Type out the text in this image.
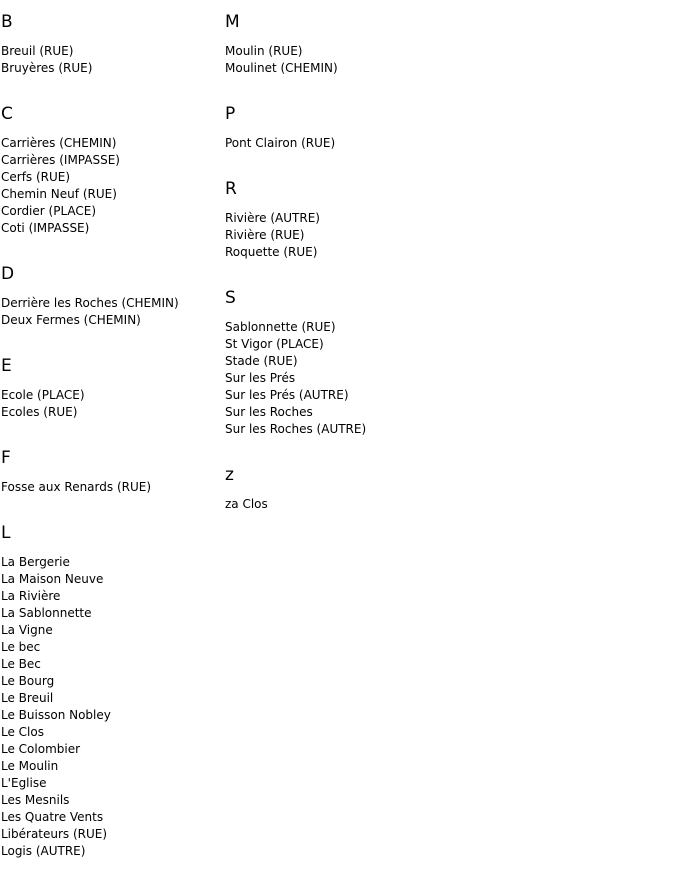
B
Breuil (RUE)
Bruyères (RUE)
C
Carrières (CHEMIN)
Carrières (IMPASSE)
Cerfs (RUE)
Chemin Neuf (RUE)
Cordier (PLACE)
Coti (IMPASSE)
D
Derrière les Roches (CHEMIN)
Deux Fermes (CHEMIN)
E
Ecole (PLACE)
Ecoles (RUE)
F
Fosse aux Renards (RUE)
L
La Bergerie
La Maison Neuve
La Rivière
La Sablonnette
La Vigne
Le bec
Le Bec
Le Bourg
Le Breuil
Le Buisson Nobley
Le Clos
Le Colombier
Le Moulin
L'Eglise
Les Mesnils
Les Quatre Vents
Libérateurs (RUE)
Logis (AUTRE)
M
Moulin (RUE)
Moulinet (CHEMIN)
P
Pont Clairon (RUE)
R
Rivière (AUTRE)
Rivière (RUE)
Roquette (RUE)
S
Sablonnette (RUE)
St Vigor (PLACE)
Stade (RUE)
Sur les Prés
Sur les Prés (AUTRE)
Sur les Roches
Sur les Roches (AUTRE)
z
za Clos
